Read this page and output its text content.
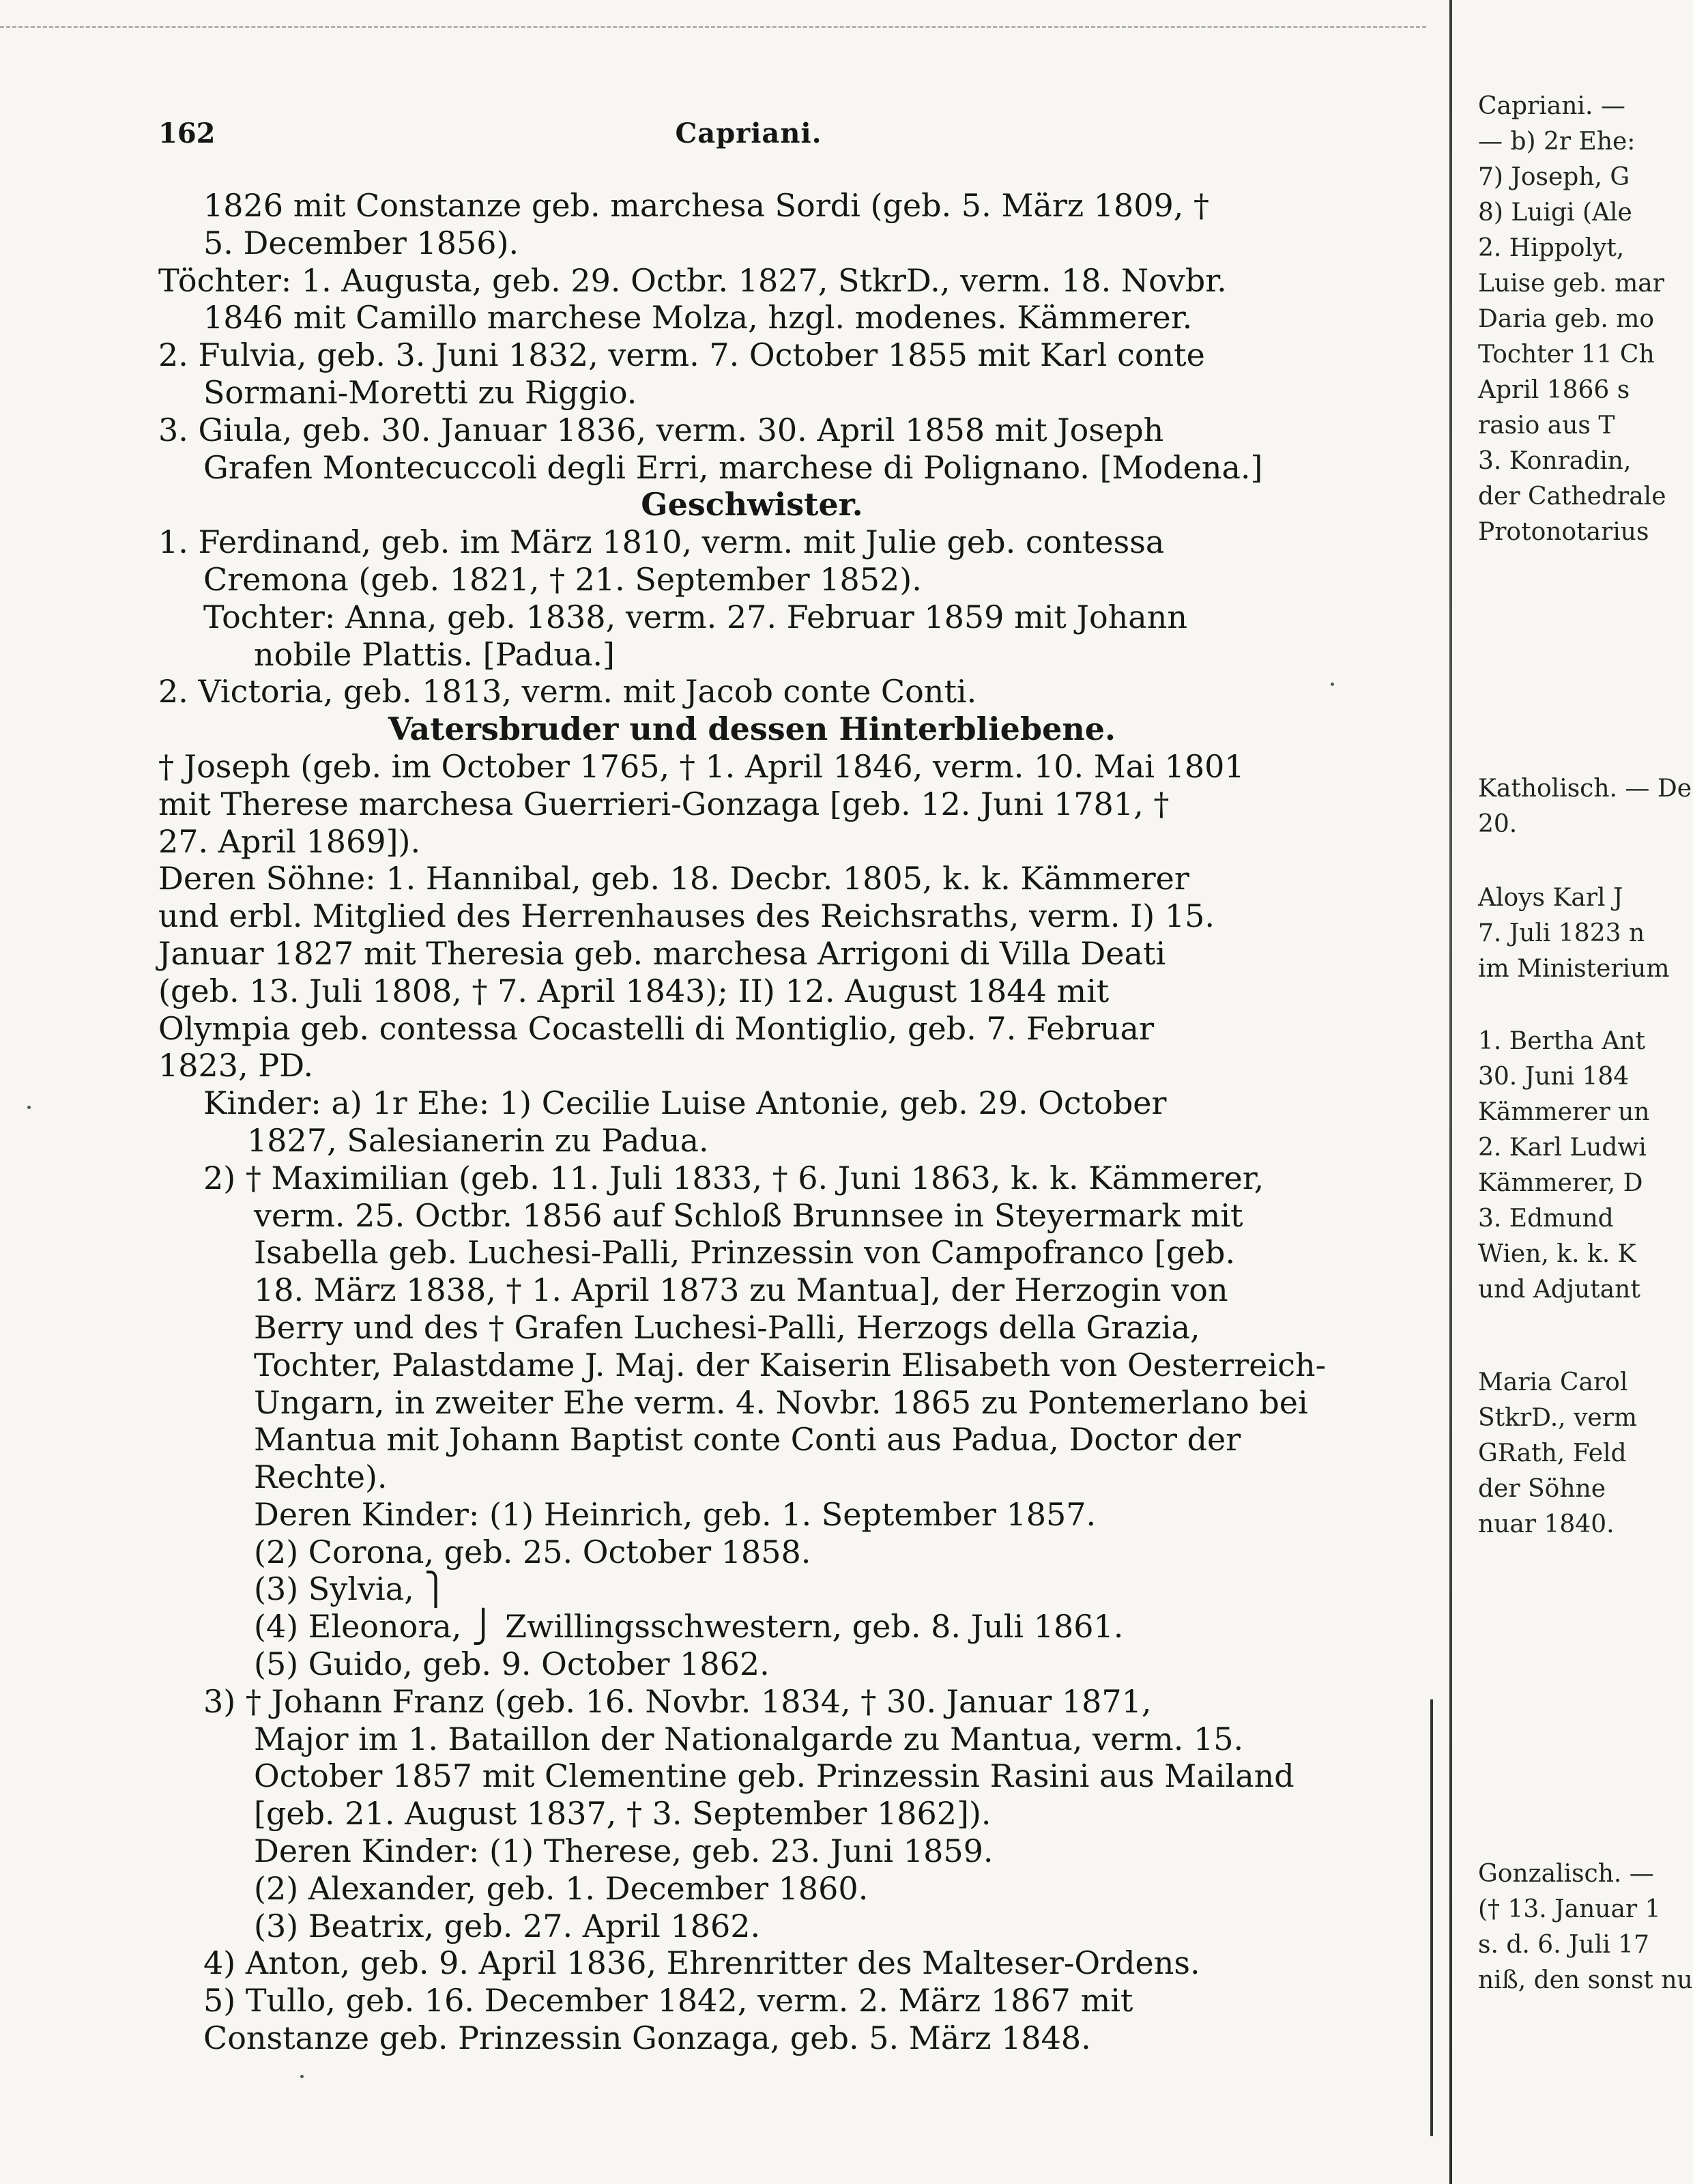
162	Capriani.
1826 mit Constanze geb. marchesa Sordi (geb. 5. März 1809, †
5. December 1856).
Töchter: 1. Augusta, geb. 29. Octbr. 1827, StkrD., verm. 18. Novbr.
1846 mit Camillo marchese Molza, hzgl. modenes. Kämmerer.
2. Fulvia, geb. 3. Juni 1832, verm. 7. October 1855 mit Karl conte
Sormani-Moretti zu Riggio.
3. Giula, geb. 30. Januar 1836, verm. 30. April 1858 mit Joseph
Grafen Montecuccoli degli Erri, marchese di Polignano. [Modena.]
Geschwister.
1. Ferdinand, geb. im März 1810, verm. mit Julie geb. contessa
Cremona (geb. 1821, † 21. September 1852).
Tochter: Anna, geb. 1838, verm. 27. Februar 1859 mit Johann
nobile Plattis. [Padua.]
2. Victoria, geb. 1813, verm. mit Jacob conte Conti.
Vatersbruder und dessen Hinterbliebene.
† Joseph (geb. im October 1765, † 1. April 1846, verm. 10. Mai 1801
mit Therese marchesa Guerrieri-Gonzaga [geb. 12. Juni 1781, †
27. April 1869]).
Deren Söhne: 1. Hannibal, geb. 18. Decbr. 1805, k. k. Kämmerer
und erbl. Mitglied des Herrenhauses des Reichsraths, verm. I) 15.
Januar 1827 mit Theresia geb. marchesa Arrigoni di Villa Deati
(geb. 13. Juli 1808, † 7. April 1843); II) 12. August 1844 mit
Olympia geb. contessa Cocastelli di Montiglio, geb. 7. Februar
1823, PD.
Kinder: a) 1r Ehe: 1) Cecilie Luise Antonie, geb. 29. October
1827, Salesianerin zu Padua.
2) † Maximilian (geb. 11. Juli 1833, † 6. Juni 1863, k. k. Kämmerer,
verm. 25. Octbr. 1856 auf Schloß Brunnsee in Steyermark mit
Isabella geb. Luchesi-Palli, Prinzessin von Campofranco [geb.
18. März 1838, † 1. April 1873 zu Mantua], der Herzogin von
Berry und des † Grafen Luchesi-Palli, Herzogs della Grazia,
Tochter, Palastdame J. Maj. der Kaiserin Elisabeth von Oesterreich-
Ungarn, in zweiter Ehe verm. 4. Novbr. 1865 zu Pontemerlano bei
Mantua mit Johann Baptist conte Conti aus Padua, Doctor der
Rechte).
Deren Kinder: (1) Heinrich, geb. 1. September 1857.
(2) Corona, geb. 25. October 1858.
(3) Sylvia, ⎫
(4) Eleonora, ⎭ Zwillingsschwestern, geb. 8. Juli 1861.
(5) Guido, geb. 9. October 1862.
3) † Johann Franz (geb. 16. Novbr. 1834, † 30. Januar 1871,
Major im 1. Bataillon der Nationalgarde zu Mantua, verm. 15.
October 1857 mit Clementine geb. Prinzessin Rasini aus Mailand
[geb. 21. August 1837, † 3. September 1862]).
Deren Kinder: (1) Therese, geb. 23. Juni 1859.
(2) Alexander, geb. 1. December 1860.
(3) Beatrix, geb. 27. April 1862.
4) Anton, geb. 9. April 1836, Ehrenritter des Malteser-Ordens.
5) Tullo, geb. 16. December 1842, verm. 2. März 1867 mit
Constanze geb. Prinzessin Gonzaga, geb. 5. März 1848.
Capriani. —
— b) 2r Ehe:
7) Joseph, G
8) Luigi (Ale
2. Hippolyt,
Luise geb. mar
Daria geb. mo
Tochter 11 Ch
April 1866 s
rasio aus T
3. Konradin,
der Cathedrale
Protonotarius
Katholisch. — De
20.
Aloys Karl J
7. Juli 1823 n
im Ministerium
1. Bertha Ant
30. Juni 184
Kämmerer un
2. Karl Ludwi
Kämmerer, D
3. Edmund
Wien, k. k. K
und Adjutant
Maria Carol
StkrD., verm
GRath, Feld
der Söhne
nuar 1840.
Gonzalisch. —
(† 13. Januar 1
s. d. 6. Juli 17
niß, den sonst nu
